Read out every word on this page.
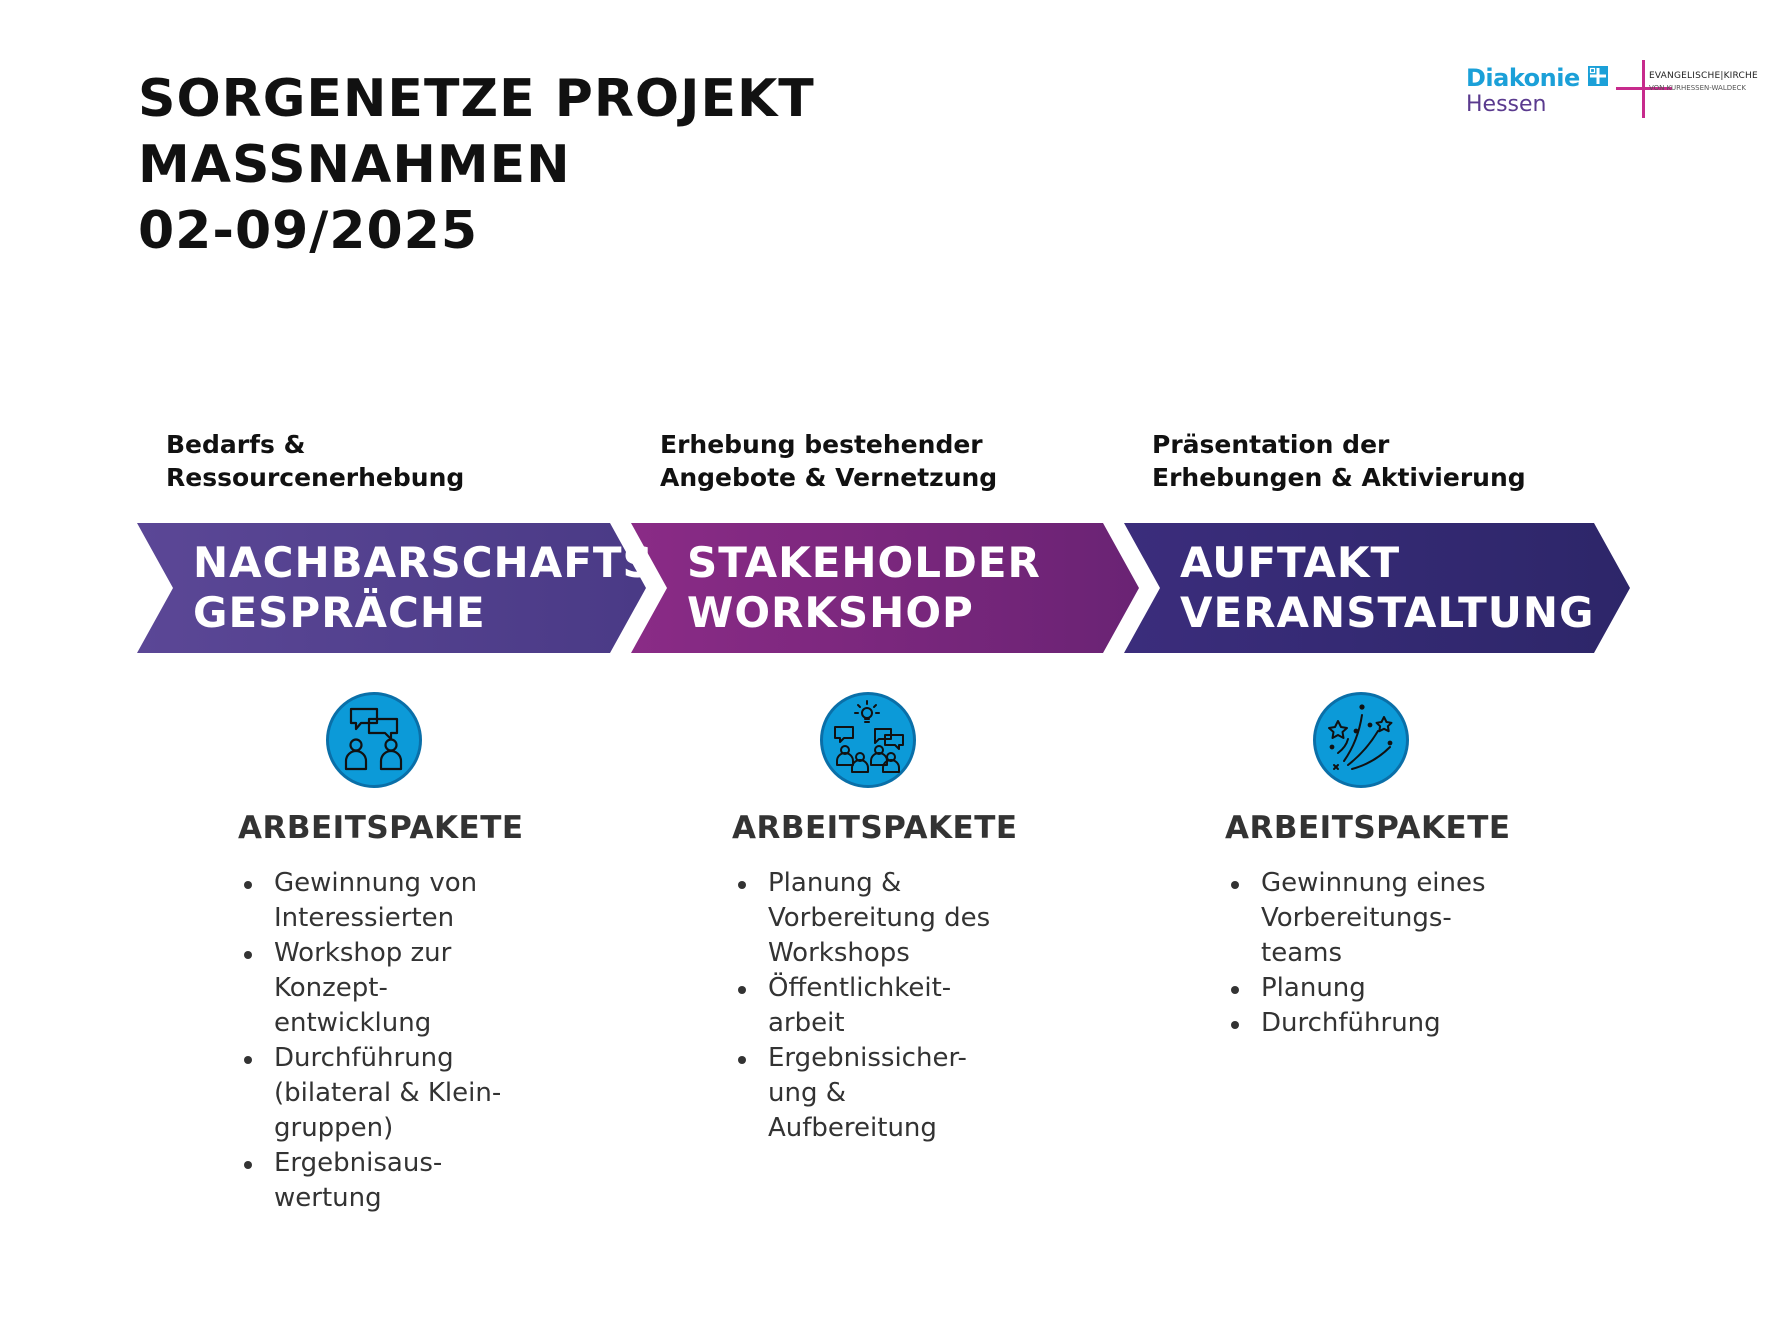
SORGENETZE PROJEKT
MASSNAHMEN
02-09/2025
Diakonie
Hessen
EVANGELISCHE|KIRCHE
VON KURHESSEN-WALDECK
Bedarfs &
Ressourcenerhebung
Erhebung bestehender
Angebote & Vernetzung
Präsentation der
Erhebungen & Aktivierung
NACHBARSCHAFTS
GESPRÄCHE
STAKEHOLDER
WORKSHOP
AUFTAKT
VERANSTALTUNG
ARBEITSPAKETE	ARBEITSPAKETE	ARBEITSPAKETE
Gewinnung von
Interessierten
Workshop zur
Konzept-
entwicklung
Durchführung
(bilateral & Klein-
gruppen)
Ergebnisaus-
wertung
Planung &
Vorbereitung des
Workshops
Öffentlichkeit-
arbeit
Ergebnissicher-
ung &
Aufbereitung
Gewinnung eines
Vorbereitungs-
teams
Planung
Durchführung
